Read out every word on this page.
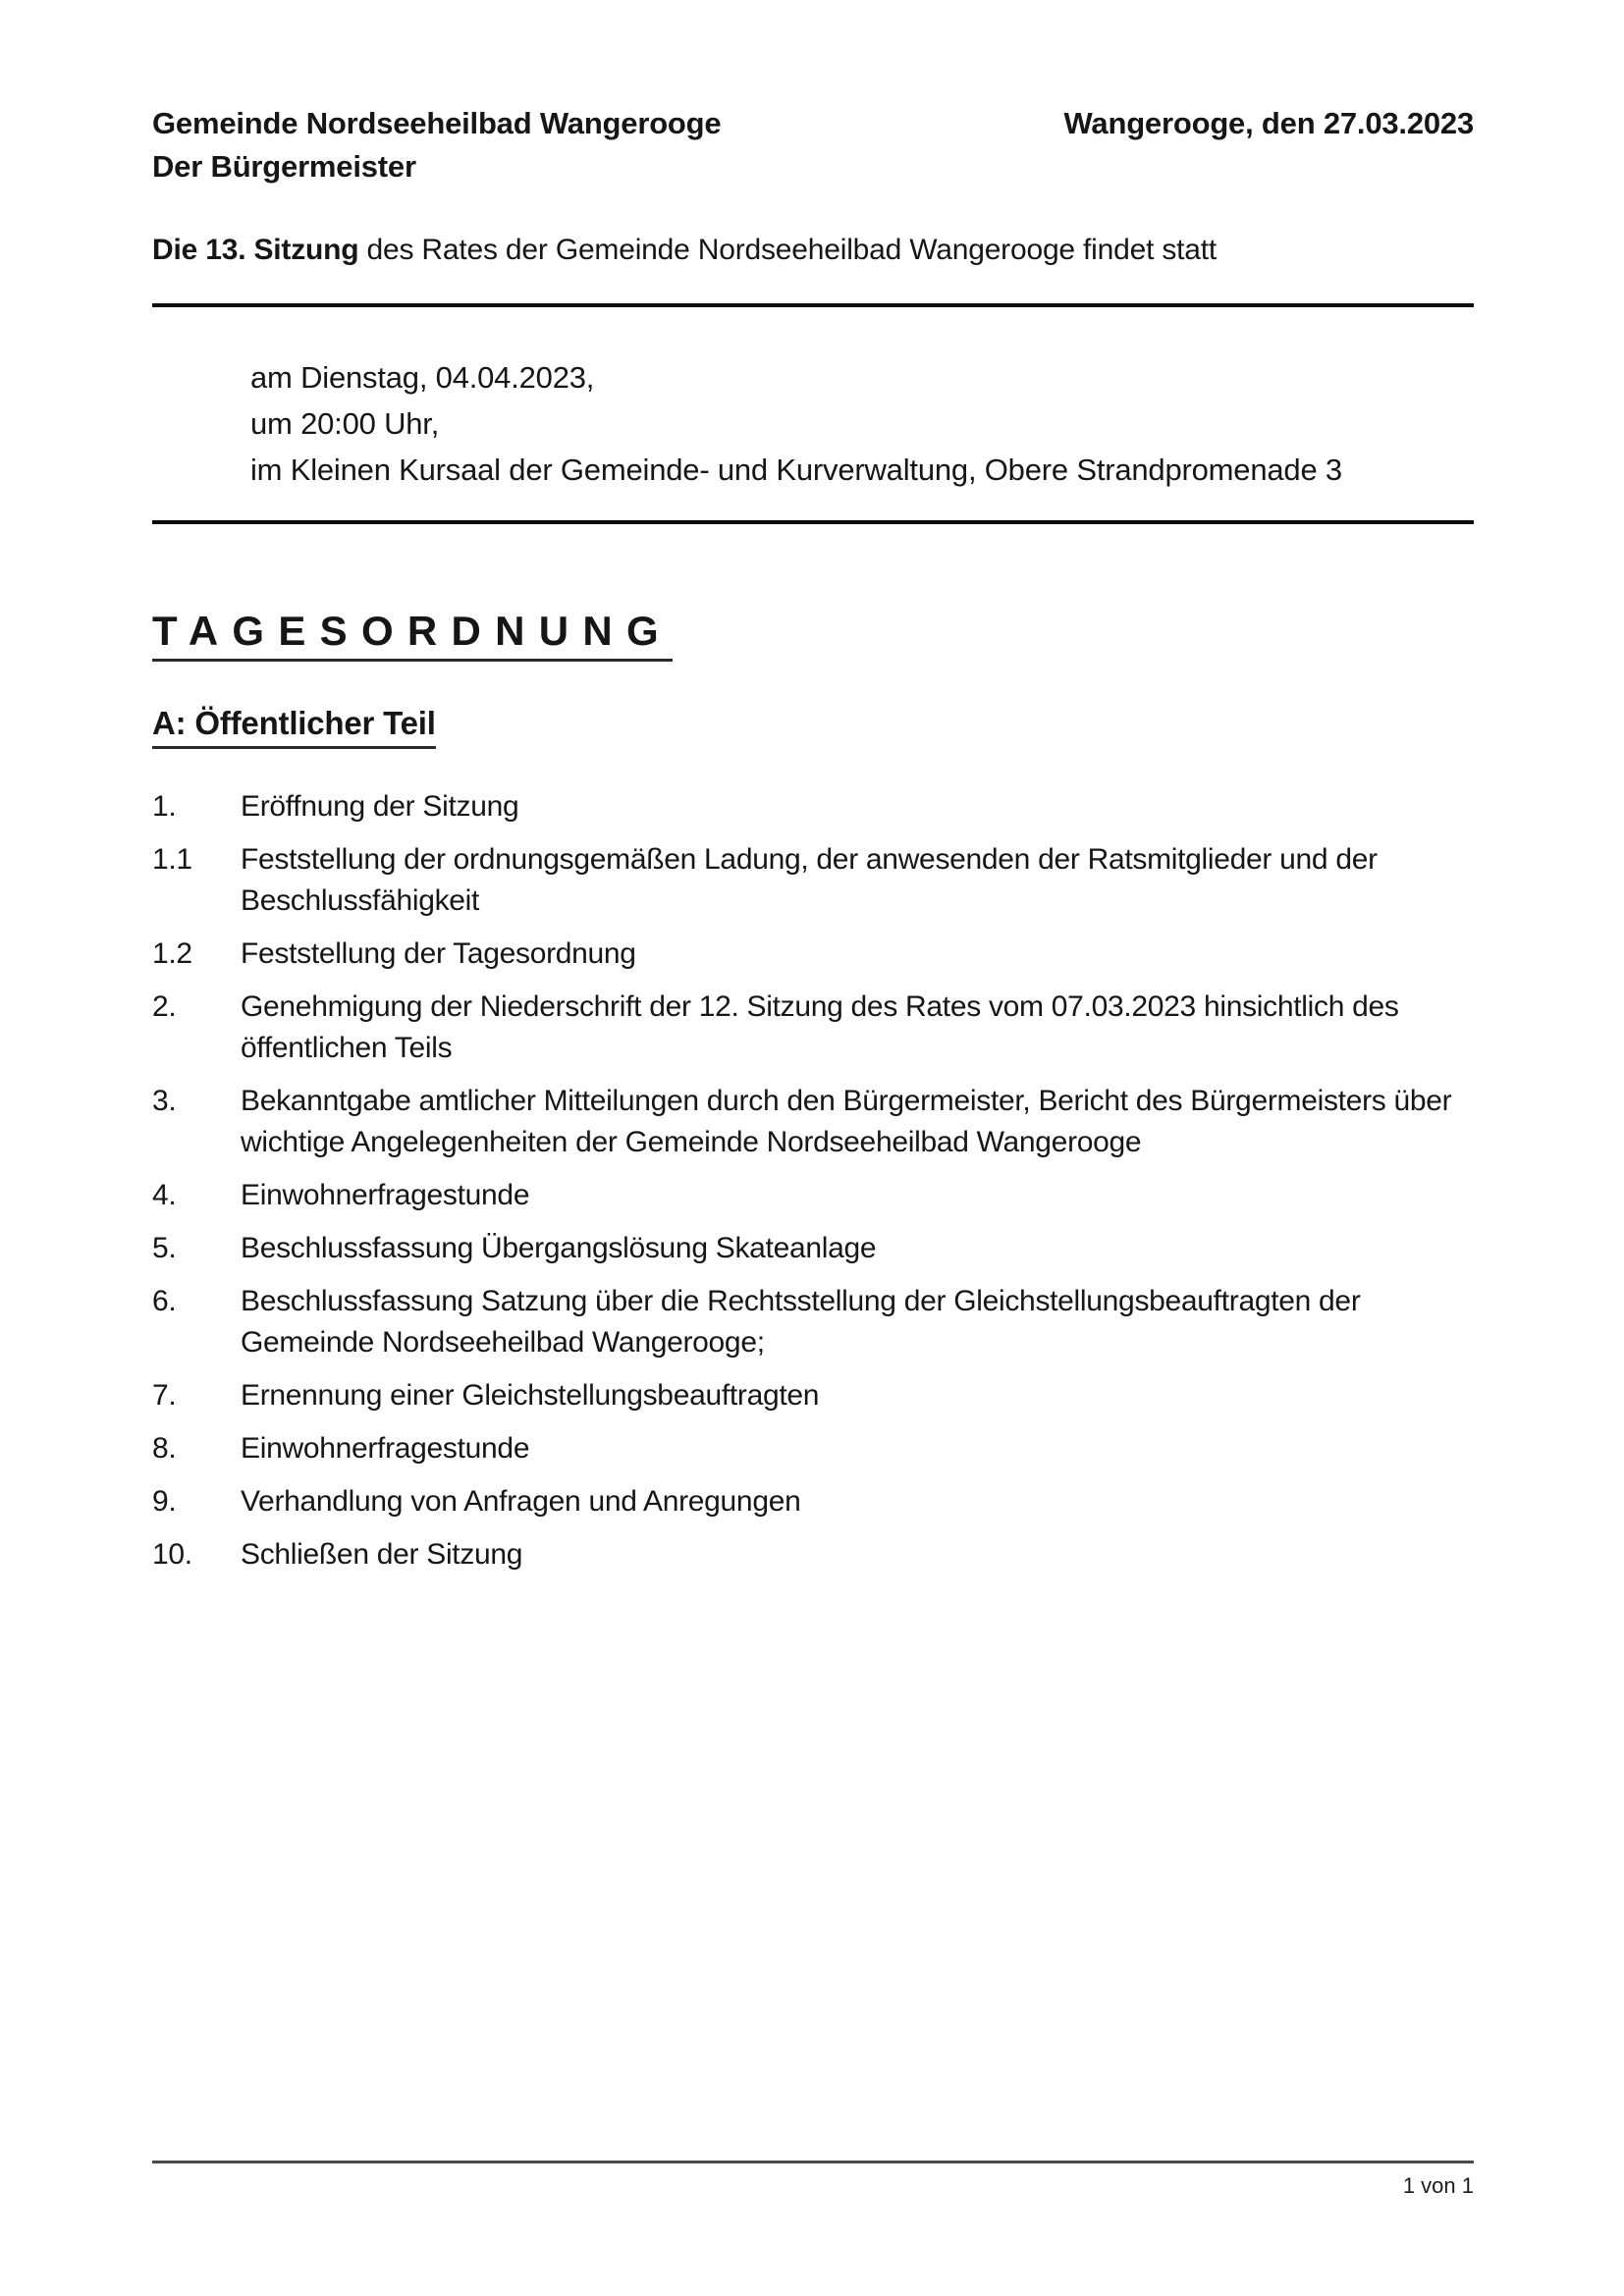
Gemeinde Nordseeheilbad Wangerooge	Wangerooge, den 27.03.2023
Der Bürgermeister
Die 13. Sitzung des Rates der Gemeinde Nordseeheilbad Wangerooge findet statt
am Dienstag, 04.04.2023,
um 20:00 Uhr,
im Kleinen Kursaal der Gemeinde- und Kurverwaltung, Obere Strandpromenade 3
TAGESORDNUNG
A: Öffentlicher Teil
1.	Eröffnung der Sitzung
1.1	Feststellung der ordnungsgemäßen Ladung, der anwesenden der Ratsmitglieder und der Beschlussfähigkeit
1.2	Feststellung der Tagesordnung
2.	Genehmigung der Niederschrift der 12. Sitzung des Rates vom 07.03.2023 hinsichtlich des öffentlichen Teils
3.	Bekanntgabe amtlicher Mitteilungen durch den Bürgermeister, Bericht des Bürgermeisters über wichtige Angelegenheiten der Gemeinde Nordseeheilbad Wangerooge
4.	Einwohnerfragestunde
5.	Beschlussfassung Übergangslösung Skateanlage
6.	Beschlussfassung Satzung über die Rechtsstellung der Gleichstellungsbeauftragten der Gemeinde Nordseeheilbad Wangerooge;
7.	Ernennung einer Gleichstellungsbeauftragten
8.	Einwohnerfragestunde
9.	Verhandlung von Anfragen und Anregungen
10.	Schließen der Sitzung
1 von 1
